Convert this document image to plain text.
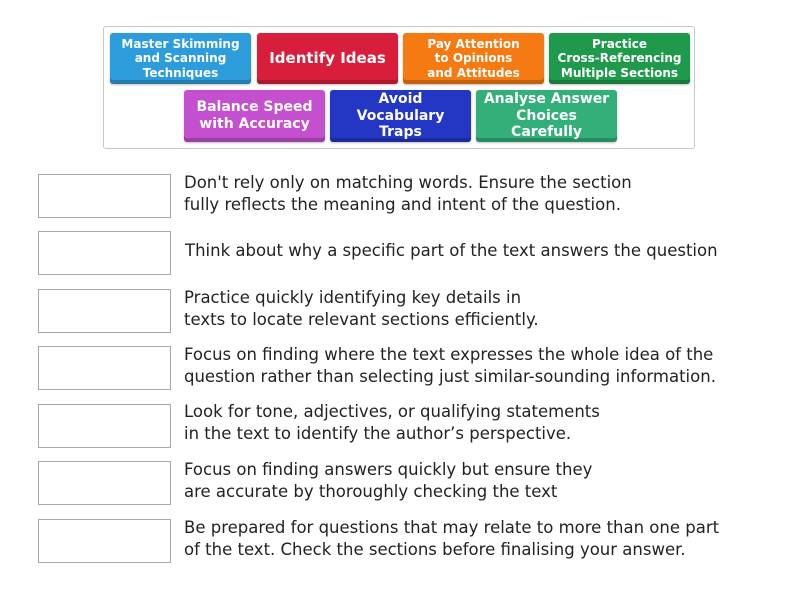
Master Skimming
and Scanning
Techniques
Identify Ideas
Pay Attention
to Opinions
and Attitudes
Practice
Cross-Referencing
Multiple Sections
Balance Speed
with Accuracy
Avoid
Vocabulary Traps
Analyse Answer
Choices Carefully
Don't rely only on matching words. Ensure the section
fully reflects the meaning and intent of the question.
Think about why a specific part of the text answers the question
Practice quickly identifying key details in
texts to locate relevant sections efficiently.
Focus on finding where the text expresses the whole idea of the
question rather than selecting just similar-sounding information.
Look for tone, adjectives, or qualifying statements
in the text to identify the author’s perspective.
Focus on finding answers quickly but ensure they
are accurate by thoroughly checking the text
Be prepared for questions that may relate to more than one part
of the text. Check the sections before finalising your answer.
